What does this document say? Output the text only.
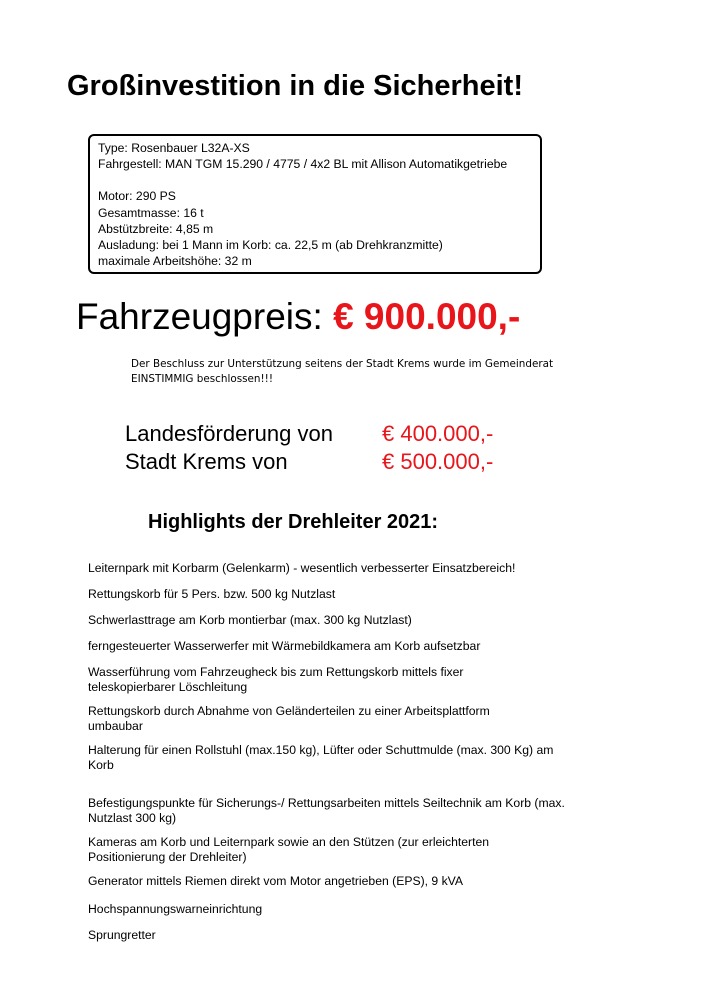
Großinvestition in die Sicherheit!
Type: Rosenbauer L32A-XS
Fahrgestell: MAN TGM 15.290 / 4775 / 4x2 BL mit Allison Automatikgetriebe
Motor: 290 PS
Gesamtmasse: 16 t
Abstützbreite: 4,85 m
Ausladung: bei 1 Mann im Korb: ca. 22,5 m (ab Drehkranzmitte)
maximale Arbeitshöhe: 32 m
Fahrzeugpreis: € 900.000,-
Der Beschluss zur Unterstützung seitens der Stadt Krems wurde im Gemeinderat EINSTIMMIG beschlossen!!!
Landesförderung von € 400.000,-
Stadt Krems von	€ 500.000,-
Highlights der Drehleiter 2021:
Leiternpark mit Korbarm (Gelenkarm) - wesentlich verbesserter Einsatzbereich!
Rettungskorb für 5 Pers. bzw. 500 kg Nutzlast
Schwerlasttrage am Korb montierbar (max. 300 kg Nutzlast)
ferngesteuerter Wasserwerfer mit Wärmebildkamera am Korb aufsetzbar
Wasserführung vom Fahrzeugheck bis zum Rettungskorb mittels fixer teleskopierbarer Löschleitung
Rettungskorb durch Abnahme von Geländerteilen zu einer Arbeitsplattform umbaubar
Halterung für einen Rollstuhl (max.150 kg), Lüfter oder Schuttmulde (max. 300 Kg) am Korb
Befestigungspunkte für Sicherungs-/ Rettungsarbeiten mittels Seiltechnik am Korb (max. Nutzlast 300 kg)
Kameras am Korb und Leiternpark sowie an den Stützen (zur erleichterten Positionierung der Drehleiter)
Generator mittels Riemen direkt vom Motor angetrieben (EPS), 9 kVA
Hochspannungswarneinrichtung
Sprungretter
